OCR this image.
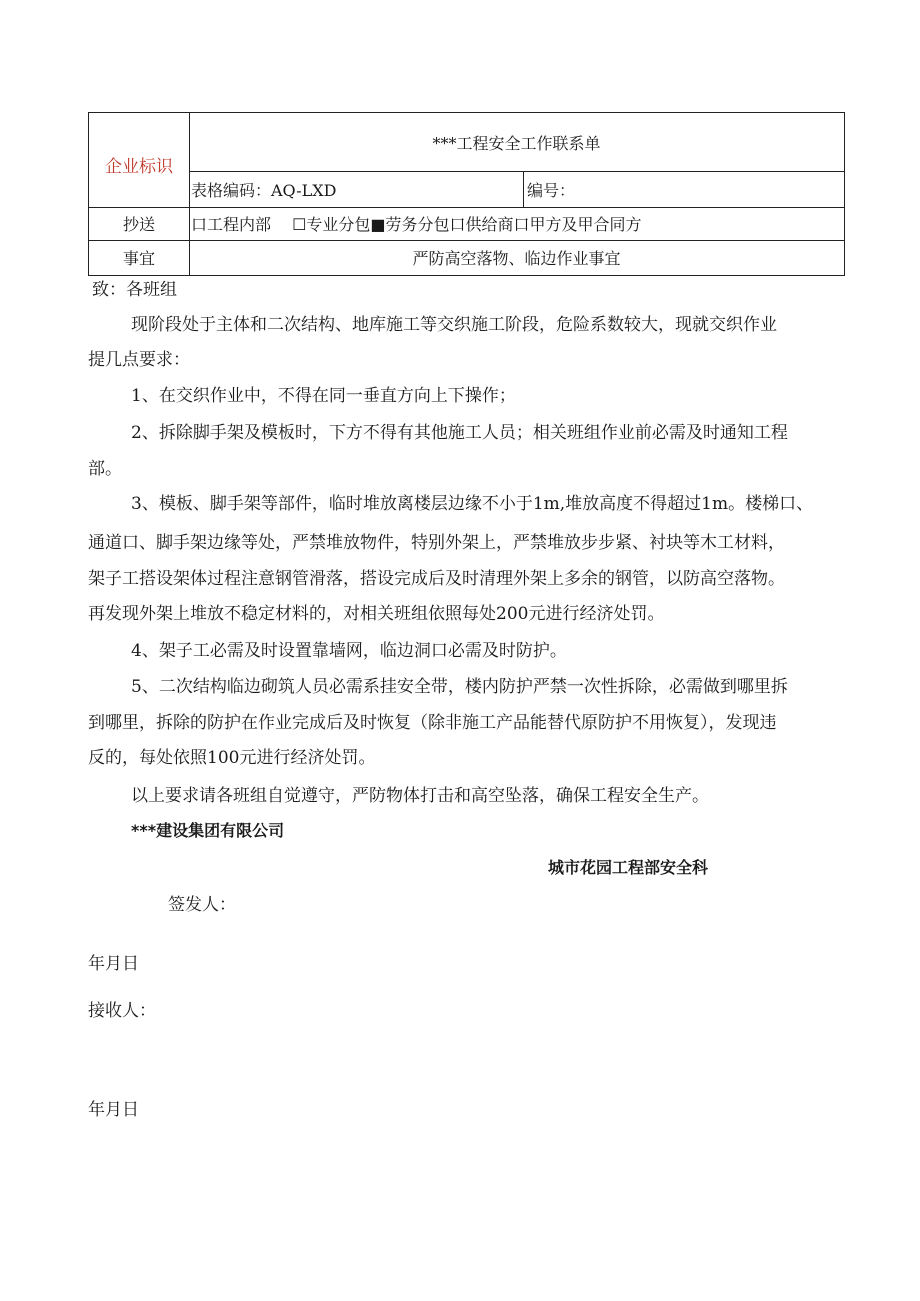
企业标识
***工程安全工作联系单
表格编码：AQ-LXD	编号：
抄送	口工程内部　 ☐专业分包■劳务分包口供给商口甲方及甲合同方
事宜	严防高空落物、临边作业事宜
致：各班组
现阶段处于主体和二次结构、地库施工等交织施工阶段，危险系数较大，现就交织作业
提几点要求：
1、在交织作业中，不得在同一垂直方向上下操作；
2、拆除脚手架及模板时，下方不得有其他施工人员；相关班组作业前必需及时通知工程
部。
3、模板、脚手架等部件，临时堆放离楼层边缘不小于1m,堆放高度不得超过1m。楼梯口、
通道口、脚手架边缘等处，严禁堆放物件，特别外架上，严禁堆放步步紧、衬块等木工材料，
架子工搭设架体过程注意钢管滑落，搭设完成后及时清理外架上多余的钢管，以防高空落物。
再发现外架上堆放不稳定材料的，对相关班组依照每处200元进行经济处罚。
4、架子工必需及时设置靠墙网，临边洞口必需及时防护。
5、二次结构临边砌筑人员必需系挂安全带，楼内防护严禁一次性拆除，必需做到哪里拆
到哪里，拆除的防护在作业完成后及时恢复（除非施工产品能替代原防护不用恢复），发现违
反的，每处依照100元进行经济处罚。
以上要求请各班组自觉遵守，严防物体打击和高空坠落，确保工程安全生产。
***建设集团有限公司
城市花园工程部安全科
签发人：
年月日
接收人：
年月日
